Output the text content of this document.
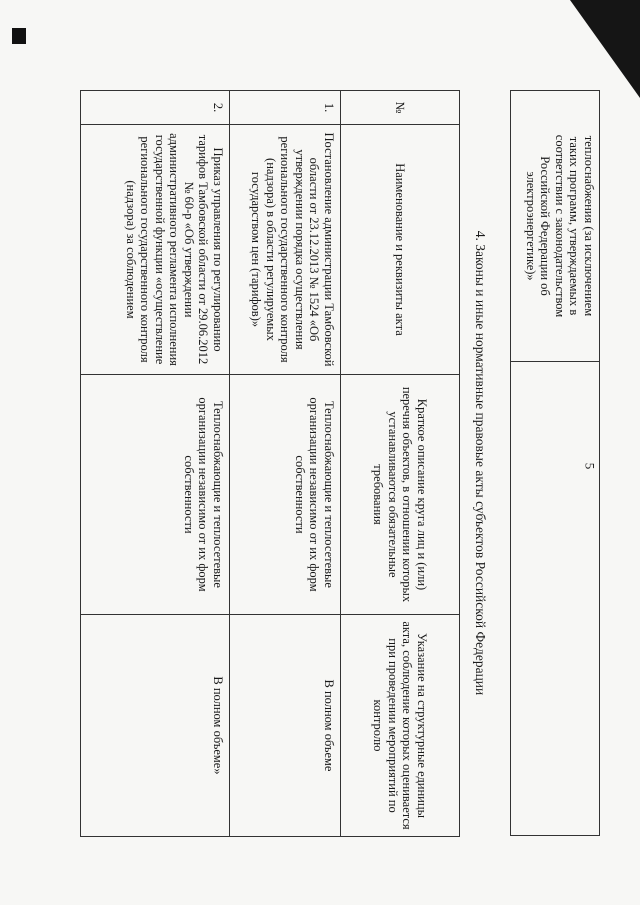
5
теплоснабжения (за исключением
таких программ, утверждаемых в
соответствии с законодательством
Российской Федерации об
электроэнергетике)»

4. Законы и иные нормативные правовые акты субъектов Российской Федерации
№	Наименование и реквизиты акта	Краткое описание круга лиц и (или) перечня объектов, в отношении которых устанавливаются обязательные требования	Указание на структурные единицы акта, соблюдение которых оценивается при проведении мероприятий по контролю
1.	Постановление администрации Тамбовской области от 23.12.2013 № 1524 «Об утверждении порядка осуществления регионального государственного контроля (надзора) в области регулируемых государством цен (тарифов)»	Теплоснабжающие и теплосетевые организации независимо от их форм собственности	В полном объеме
2.	Приказ управления по регулированию тарифов Тамбовской области от 29.06.2012 № 60-р «Об утверждении административного регламента исполнения государственной функции «осуществление регионального государственного контроля (надзора) за соблюдением	Теплоснабжающие и теплосетевые организации независимо от их форм собственности	В полном объеме»
